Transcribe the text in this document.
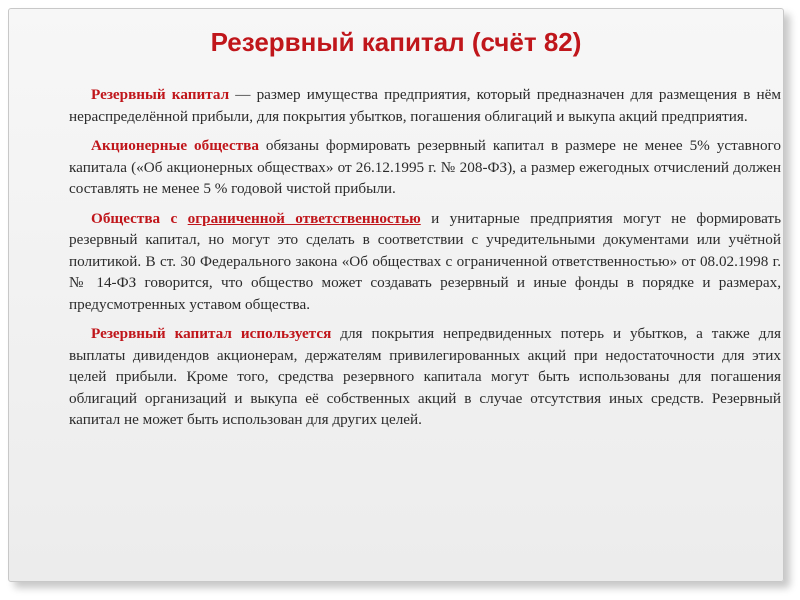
Резервный капитал (счёт 82)

Резервный капитал — размер имущества предприятия, который предназначен для размещения в нём нераспределённой прибыли, для покрытия убытков, погашения облигаций и выкупа акций предприятия.

Акционерные общества обязаны формировать резервный капитал в размере не менее 5% уставного капитала («Об акционерных обществах» от 26.12.1995 г. № 208-ФЗ), а размер ежегодных отчислений должен составлять не менее 5 % годовой чистой прибыли.

Общества с ограниченной ответственностью и унитарные предприятия могут не формировать резервный капитал, но могут это сделать в соответствии с учредительными документами или учётной политикой. В ст. 30 Федерального закона «Об обществах с ограниченной ответственностью» от 08.02.1998 г. № 14-ФЗ говорится, что общество может создавать резервный и иные фонды в порядке и размерах, предусмотренных уставом общества.

Резервный капитал используется для покрытия непредвиденных потерь и убытков, а также для выплаты дивидендов акционерам, держателям привилегированных акций при недостаточности для этих целей прибыли. Кроме того, средства резервного капитала могут быть использованы для погашения облигаций организаций и выкупа её собственных акций в случае отсутствия иных средств. Резервный капитал не может быть использован для других целей.
